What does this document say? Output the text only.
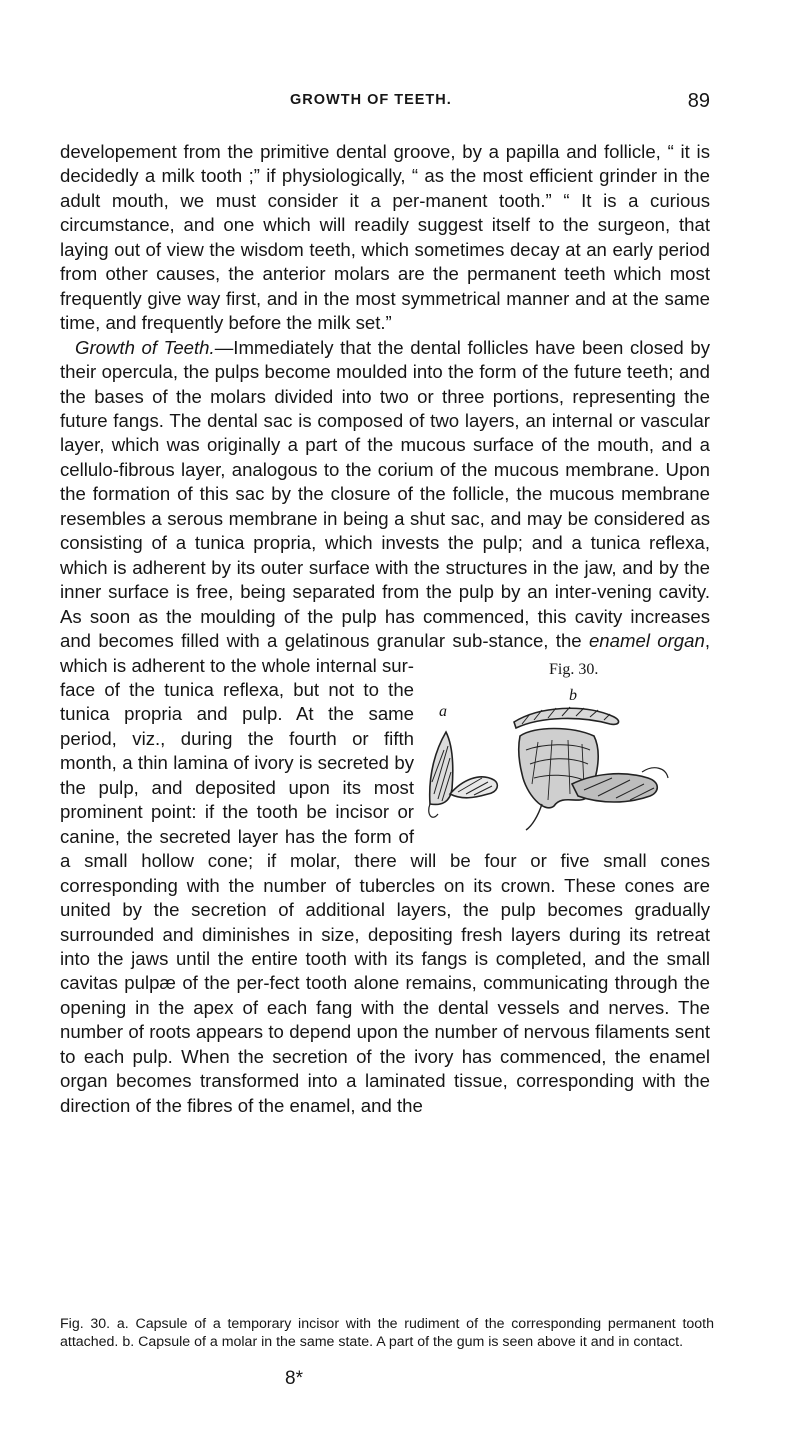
GROWTH OF TEETH.	89

developement from the primitive dental groove, by a papilla and follicle, “ it is decidedly a milk tooth ;” if physiologically, “ as the most efficient grinder in the adult mouth, we must consider it a per-manent tooth.” “ It is a curious circumstance, and one which will readily suggest itself to the surgeon, that laying out of view the wisdom teeth, which sometimes decay at an early period from other causes, the anterior molars are the permanent teeth which most frequently give way first, and in the most symmetrical manner and at the same time, and frequently before the milk set.”

Growth of Teeth.—Immediately that the dental follicles have been closed by their opercula, the pulps become moulded into the form of the future teeth; and the bases of the molars divided into two or three portions, representing the future fangs. The dental sac is composed of two layers, an internal or vascular layer, which was originally a part of the mucous surface of the mouth, and a cellulo-fibrous layer, analogous to the corium of the mucous membrane. Upon the formation of this sac by the closure of the follicle, the mucous membrane resembles a serous membrane in being a shut sac, and may be considered as consisting of a tunica propria, which invests the pulp; and a tunica reflexa, which is adherent by its outer surface with the structures in the jaw, and by the inner surface is free, being separated from the pulp by an inter-vening cavity. As soon as the moulding of the pulp has commenced, this cavity increases and becomes filled with a gelatinous granular sub-stance, the
Fig. 30.
a
b
enamel organ, which is adherent to the whole internal sur-face of the tunica reflexa, but not to the tunica propria and pulp. At the same period, viz., during the fourth or fifth month, a thin lamina of ivory is secreted by the pulp, and deposited upon its most prominent point: if the tooth be incisor or canine, the secreted layer has the form of a small hollow cone; if molar, there will be four or five small cones corresponding with the number of tubercles on its crown. These cones are united by the secretion of additional layers, the pulp becomes gradually surrounded and diminishes in size, depositing fresh layers during its retreat into the jaws until the entire tooth with its fangs is completed, and the small cavitas pulpæ of the per-fect tooth alone remains, communicating through the opening in the apex of each fang with the dental vessels and nerves. The number of roots appears to depend upon the number of nervous filaments sent to each pulp. When the secretion of the ivory has commenced, the enamel organ becomes transformed into a laminated tissue, corresponding with the direction of the fibres of the enamel, and the

Fig. 30. a. Capsule of a temporary incisor with the rudiment of the corresponding permanent tooth attached. b. Capsule of a molar in the same state. A part of the gum is seen above it and in contact.
8*
